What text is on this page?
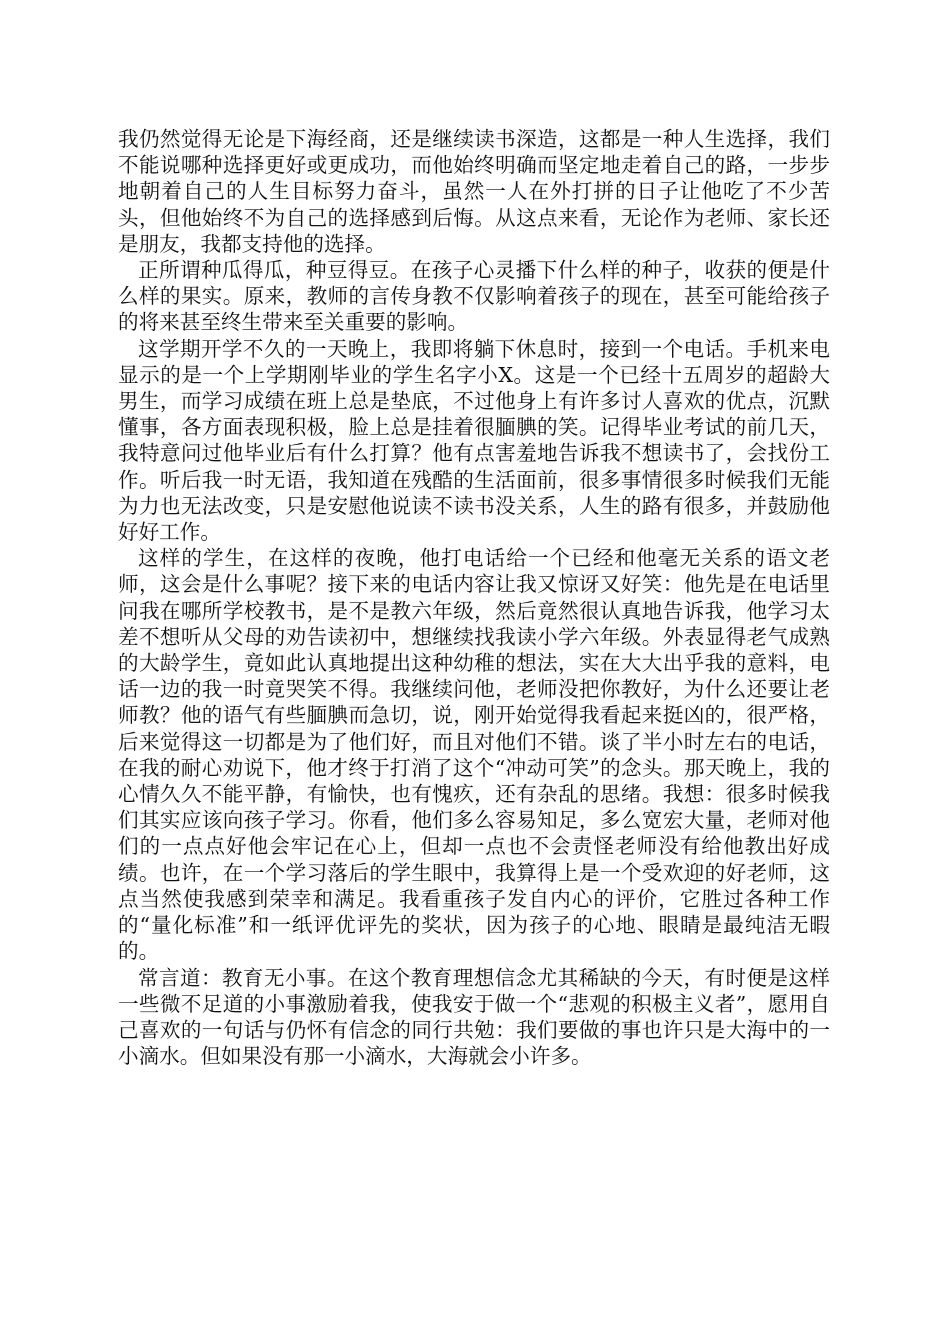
我仍然觉得无论是下海经商，还是继续读书深造，这都是一种人生选择，我们不能说哪种选择更好或更成功，而他始终明确而坚定地走着自己的路，一步步地朝着自己的人生目标努力奋斗，虽然一人在外打拼的日子让他吃了不少苦头，但他始终不为自己的选择感到后悔。从这点来看，无论作为老师、家长还是朋友，我都支持他的选择。

正所谓种瓜得瓜，种豆得豆。在孩子心灵播下什么样的种子，收获的便是什么样的果实。原来，教师的言传身教不仅影响着孩子的现在，甚至可能给孩子的将来甚至终生带来至关重要的影响。

这学期开学不久的一天晚上，我即将躺下休息时，接到一个电话。手机来电显示的是一个上学期刚毕业的学生名字小X。这是一个已经十五周岁的超龄大男生，而学习成绩在班上总是垫底，不过他身上有许多讨人喜欢的优点，沉默懂事，各方面表现积极，脸上总是挂着很腼腆的笑。记得毕业考试的前几天，我特意问过他毕业后有什么打算？他有点害羞地告诉我不想读书了，会找份工作。听后我一时无语，我知道在残酷的生活面前，很多事情很多时候我们无能为力也无法改变，只是安慰他说读不读书没关系，人生的路有很多，并鼓励他好好工作。

这样的学生，在这样的夜晚，他打电话给一个已经和他毫无关系的语文老师，这会是什么事呢？接下来的电话内容让我又惊讶又好笑：他先是在电话里问我在哪所学校教书，是不是教六年级，然后竟然很认真地告诉我，他学习太差不想听从父母的劝告读初中，想继续找我读小学六年级。外表显得老气成熟的大龄学生，竟如此认真地提出这种幼稚的想法，实在大大出乎我的意料，电话一边的我一时竟哭笑不得。我继续问他，老师没把你教好，为什么还要让老师教？他的语气有些腼腆而急切，说，刚开始觉得我看起来挺凶的，很严格，后来觉得这一切都是为了他们好，而且对他们不错。谈了半小时左右的电话，在我的耐心劝说下，他才终于打消了这个“冲动可笑”的念头。那天晚上，我的心情久久不能平静，有愉快，也有愧疚，还有杂乱的思绪。我想：很多时候我们其实应该向孩子学习。你看，他们多么容易知足，多么宽宏大量，老师对他们的一点点好他会牢记在心上，但却一点也不会责怪老师没有给他教出好成绩。也许，在一个学习落后的学生眼中，我算得上是一个受欢迎的好老师，这点当然使我感到荣幸和满足。我看重孩子发自内心的评价，它胜过各种工作的“量化标准”和一纸评优评先的奖状，因为孩子的心地、眼睛是最纯洁无暇的。

常言道：教育无小事。在这个教育理想信念尤其稀缺的今天，有时便是这样一些微不足道的小事激励着我，使我安于做一个“悲观的积极主义者”，愿用自己喜欢的一句话与仍怀有信念的同行共勉：我们要做的事也许只是大海中的一小滴水。但如果没有那一小滴水，大海就会小许多。
